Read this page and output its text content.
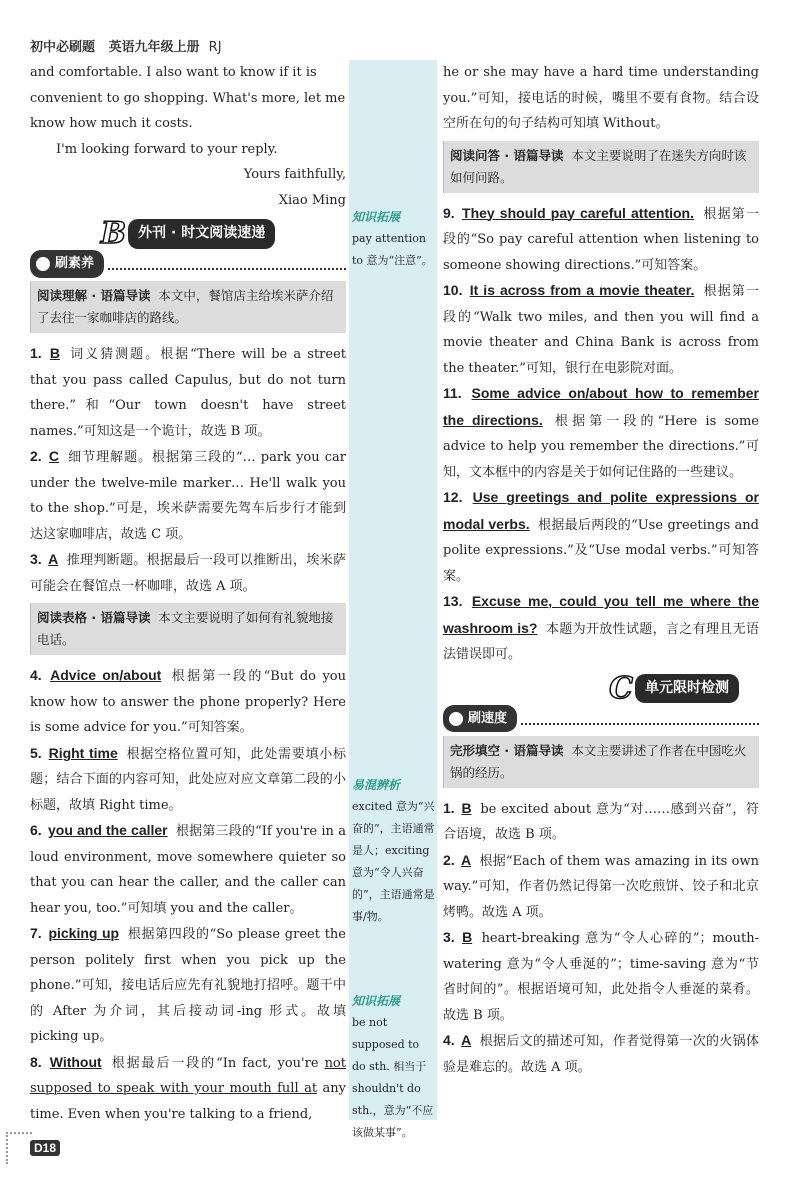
初中必刷题 英语九年级上册 RJ

and comfortable. I also want to know if it is

convenient to go shopping. What's more, let me

know how much it costs.

I'm looking forward to your reply.

Yours faithfully,

Xiao Ming

B 外刊 · 时文阅读速递
刷素养
阅读理解 · 语篇导读 本文中，餐馆店主给埃米萨介绍了去往一家咖啡店的路线。

1. B 词义猜测题。根据“There will be a street that you pass called Capulus, but do not turn there.”和“Our town doesn't have street names.”可知这是一个诡计，故选 B 项。

2. C 细节理解题。根据第三段的“… park you car under the twelve-mile marker… He'll walk you to the shop.”可是，埃米萨需要先驾车后步行才能到达这家咖啡店，故选 C 项。

3. A 推理判断题。根据最后一段可以推断出，埃米萨可能会在餐馆点一杯咖啡，故选 A 项。

阅读表格 · 语篇导读 本文主要说明了如何有礼貌地接电话。

4. Advice on/about 根据第一段的“But do you know how to answer the phone properly? Here is some advice for you.”可知答案。

5. Right time 根据空格位置可知，此处需要填小标题；结合下面的内容可知，此处应对应文章第二段的小标题，故填 Right time。

6. you and the caller 根据第三段的“If you're in a loud environment, move somewhere quieter so that you can hear the caller, and the caller can hear you, too.”可知填 you and the caller。

7. picking up 根据第四段的“So please greet the person politely first when you pick up the phone.”可知，接电话后应先有礼貌地打招呼。题干中的 After 为介词，其后接动词-ing 形式。故填 picking up。

8. Without 根据最后一段的“In fact, you're not supposed to speak with your mouth full at any time. Even when you're talking to a friend,

知识拓展
pay attention to 意为“注意”。
易混辨析
excited 意为“兴奋的”，主语通常是人；exciting 意为“令人兴奋的”，主语通常是事/物。
知识拓展
be not supposed to do sth. 相当于 shouldn't do sth.，意为“不应该做某事”。

he or she may have a hard time understanding you.”可知，接电话的时候，嘴里不要有食物。结合设空所在句的句子结构可知填 Without。

阅读问答 · 语篇导读 本文主要说明了在迷失方向时该如何问路。

9. They should pay careful attention. 根据第一段的“So pay careful attention when listening to someone showing directions.”可知答案。

10. It is across from a movie theater. 根据第一段的“Walk two miles, and then you will find a movie theater and China Bank is across from the theater.”可知，银行在电影院对面。

11. Some advice on/about how to remember the directions. 根据第一段的“Here is some advice to help you remember the directions.”可知，文本框中的内容是关于如何记住路的一些建议。

12. Use greetings and polite expressions or modal verbs. 根据最后两段的“Use greetings and polite expressions.”及“Use modal verbs.”可知答案。

13. Excuse me, could you tell me where the washroom is? 本题为开放性试题，言之有理且无语法错误即可。

C 单元限时检测
刷速度
完形填空 · 语篇导读 本文主要讲述了作者在中国吃火锅的经历。

1. B be excited about 意为“对……感到兴奋”，符合语境，故选 B 项。

2. A 根据“Each of them was amazing in its own way.”可知，作者仍然记得第一次吃煎饼、饺子和北京烤鸭。故选 A 项。

3. B heart-breaking 意为“令人心碎的”；mouth-watering 意为“令人垂涎的”；time-saving 意为“节省时间的”。根据语境可知，此处指令人垂涎的菜肴。故选 B 项。

4. A 根据后文的描述可知，作者觉得第一次的火锅体验是难忘的。故选 A 项。

D18
